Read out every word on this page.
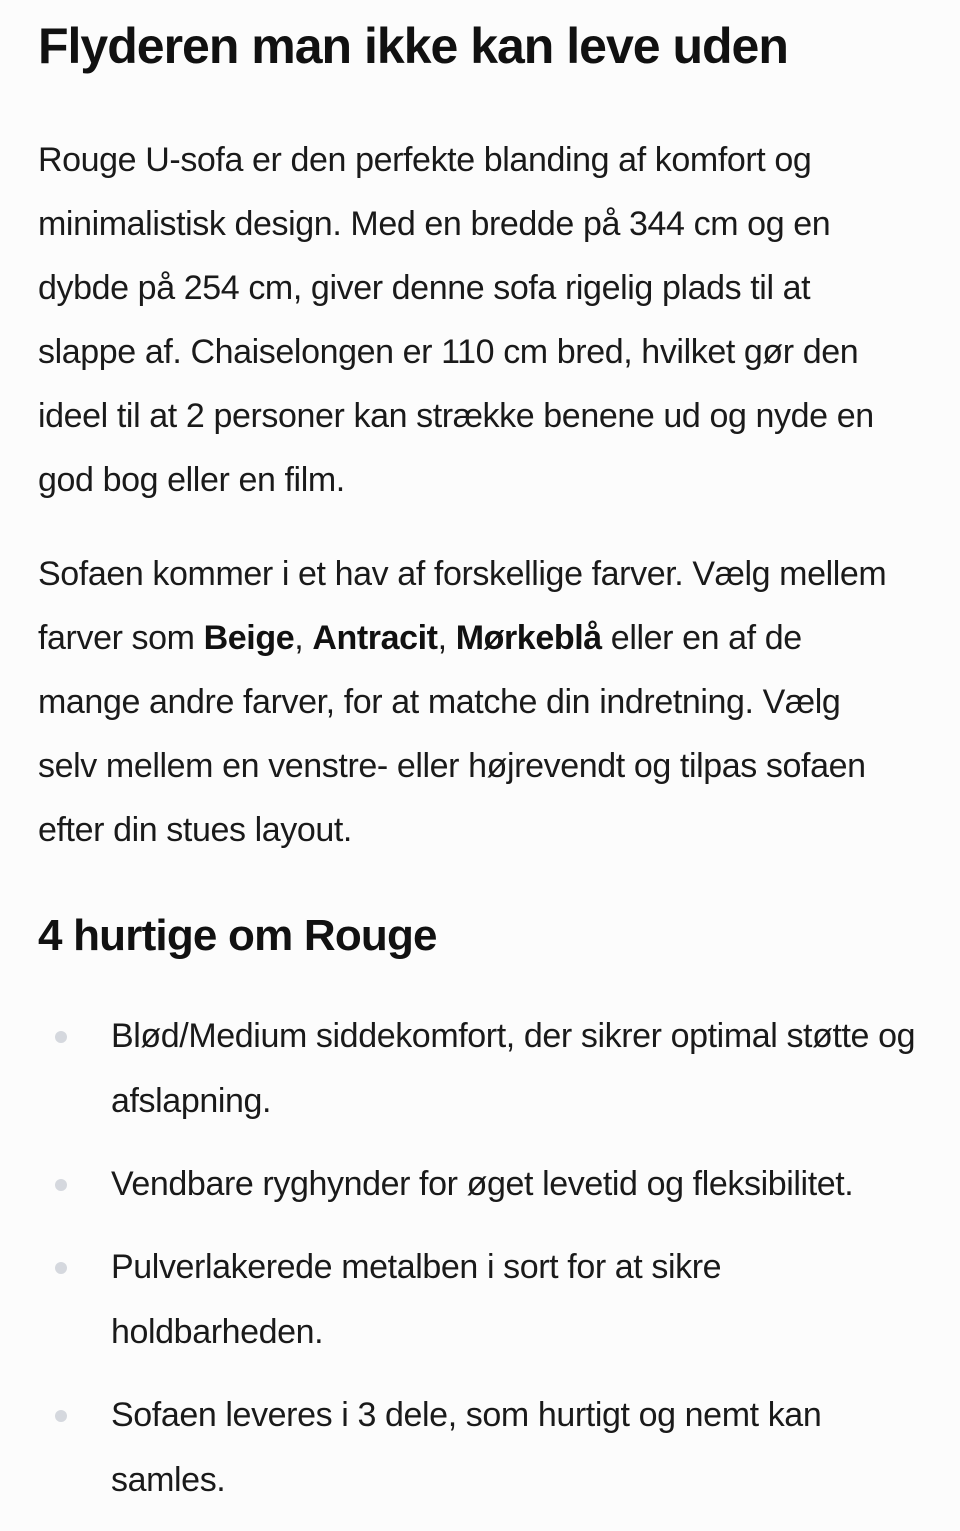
Flyderen man ikke kan leve uden

Rouge U-sofa er den perfekte blanding af komfort og minimalistisk design. Med en bredde på 344 cm og en dybde på 254 cm, giver denne sofa rigelig plads til at slappe af. Chaiselongen er 110 cm bred, hvilket gør den ideel til at 2 personer kan strække benene ud og nyde en god bog eller en film.

Sofaen kommer i et hav af forskellige farver. Vælg mellem farver som Beige, Antracit, Mørkeblå eller en af de mange andre farver, for at matche din indretning. Vælg selv mellem en venstre- eller højrevendt og tilpas sofaen efter din stues layout.

4 hurtige om Rouge
Blød/Medium siddekomfort, der sikrer optimal støtte og afslapning.
Vendbare ryghynder for øget levetid og fleksibilitet.
Pulverlakerede metalben i sort for at sikre holdbarheden.
Sofaen leveres i 3 dele, som hurtigt og nemt kan samles.
